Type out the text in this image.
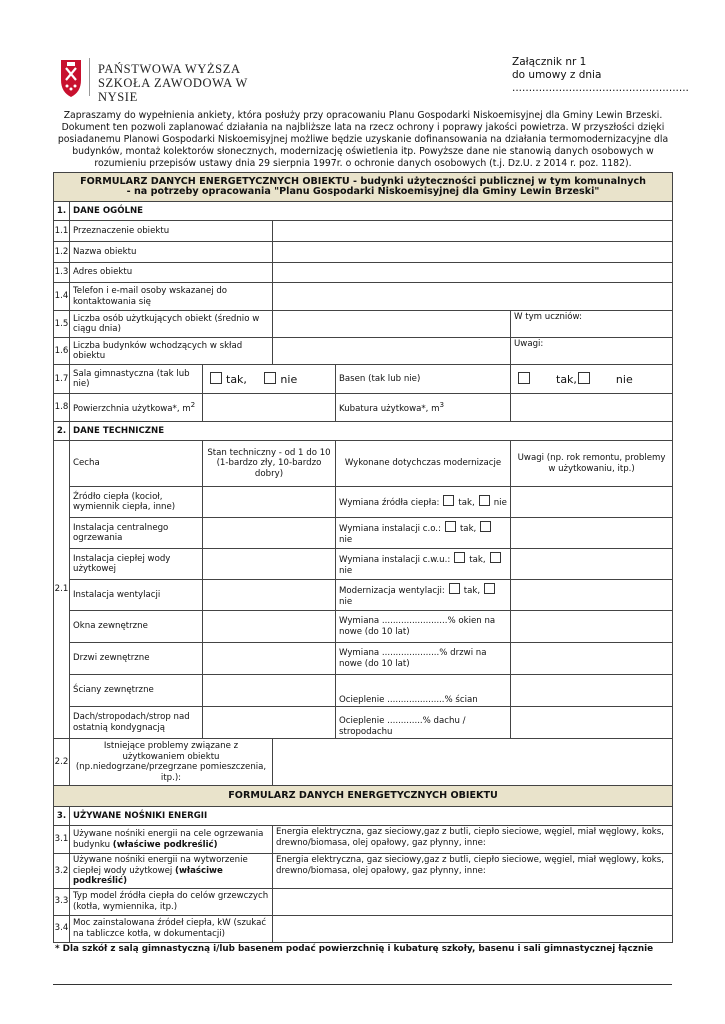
PAŃSTWOWA WYŻSZA
SZKOŁA ZAWODOWA W NYSIE
Załącznik nr 1
do umowy z dnia
.....................................................
Zapraszamy do wypełnienia ankiety, która posłuży przy opracowaniu Planu Gospodarki Niskoemisyjnej dla Gminy Lewin Brzeski. Dokument ten pozwoli zaplanować działania na najbliższe lata na rzecz ochrony i poprawy jakości powietrza. W przyszłości dzięki posiadanemu Planowi Gospodarki Niskoemisyjnej możliwe będzie uzyskanie dofinansowania na działania termomodernizacyjne dla budynków, montaż kolektorów słonecznych, modernizację oświetlenia itp. Powyższe dane nie stanowią danych osobowych w rozumieniu przepisów ustawy dnia 29 sierpnia 1997r. o ochronie danych osobowych (t.j. Dz.U. z 2014 r. poz. 1182).
FORMULARZ DANYCH ENERGETYCZNYCH OBIEKTU - budynki użyteczności publicznej w tym komunalnych
- na potrzeby opracowania "Planu Gospodarki Niskoemisyjnej dla Gminy Lewin Brzeski"					

1.	DANE OGÓLNE				
1.1	Przeznaczenie obiektu				
1.2	Nazwa obiektu				
1.3	Adres obiektu				
1.4	Telefon i e-mail osoby wskazanej do kontaktowania się				
1.5	Liczba osób użytkujących obiekt (średnio w ciągu dnia)				W tym uczniów:
1.6	Liczba budynków wchodzących w skład obiektu				Uwagi:
1.7	Sala gimnastyczna (tak lub nie)	tak, nie		Basen (tak lub nie)	tak, nie
1.8	Powierzchnia użytkowa*, $m^2$			Kubatura użytkowa*, $m^3$	
2.	DANE TECHNICZNE				
2.1	Cecha	Stan techniczny - od 1 do 10 (1-bardzo zły, 10-bardzo dobry)		Wykonane dotychczas modernizacje	Uwagi (np. rok remontu, problemy w użytkowaniu, itp.)
	Źródło ciepła (kocioł, wymiennik ciepła, inne)			Wymiana źródła ciepła: tak, nie	
	Instalacja centralnego ogrzewania			Wymiana instalacji c.o.: tak,nie	
	Instalacja ciepłej wody użytkowej			Wymiana instalacji c.w.u.: tak,nie	
	Instalacja wentylacji			Modernizacja wentylacji: tak,nie	
	Okna zewnętrzne			Wymiana ........................% okien na nowe (do 10 lat)	
	Drzwi zewnętrzne			Wymiana .....................% drzwi na nowe (do 10 lat)	
	Ściany zewnętrzne			Ocieplenie .....................% ścian	
	Dach/stropodach/strop nad ostatnią kondygnacją			Ocieplenie .............% dachu / stropodachu	
2.2	Istniejące problemy związane z użytkowaniem obiektu (np.niedogrzane/przegrzane pomieszczenia, itp.):				
FORMULARZ DANYCH ENERGETYCZNYCH OBIEKTU					
3.	UŻYWANE NOŚNIKI ENERGII				
3.1	Używane nośniki energii na cele ogrzewania budynku (właściwe podkreślić)		Energia elektryczna, gaz sieciowy,gaz z butli, ciepło sieciowe, węgiel, miał węglowy, koks, drewno/biomasa, olej opałowy, gaz płynny, inne:		
3.2	Używane nośniki energii na wytworzenie ciepłej wody użytkowej (właściwe podkreślić)		Energia elektryczna, gaz sieciowy,gaz z butli, ciepło sieciowe, węgiel, miał węglowy, koks, drewno/biomasa, olej opałowy, gaz płynny, inne:		
3.3	Typ model źródła ciepła do celów grzewczych (kotła, wymiennika, itp.)				
3.4	Moc zainstalowana źródeł ciepła, kW (szukać na tabliczce kotła, w dokumentacji)				
* Dla szkół z salą gimnastyczną i/lub basenem podać powierzchnię i kubaturę szkoły, basenu i sali gimnastycznej łącznie
